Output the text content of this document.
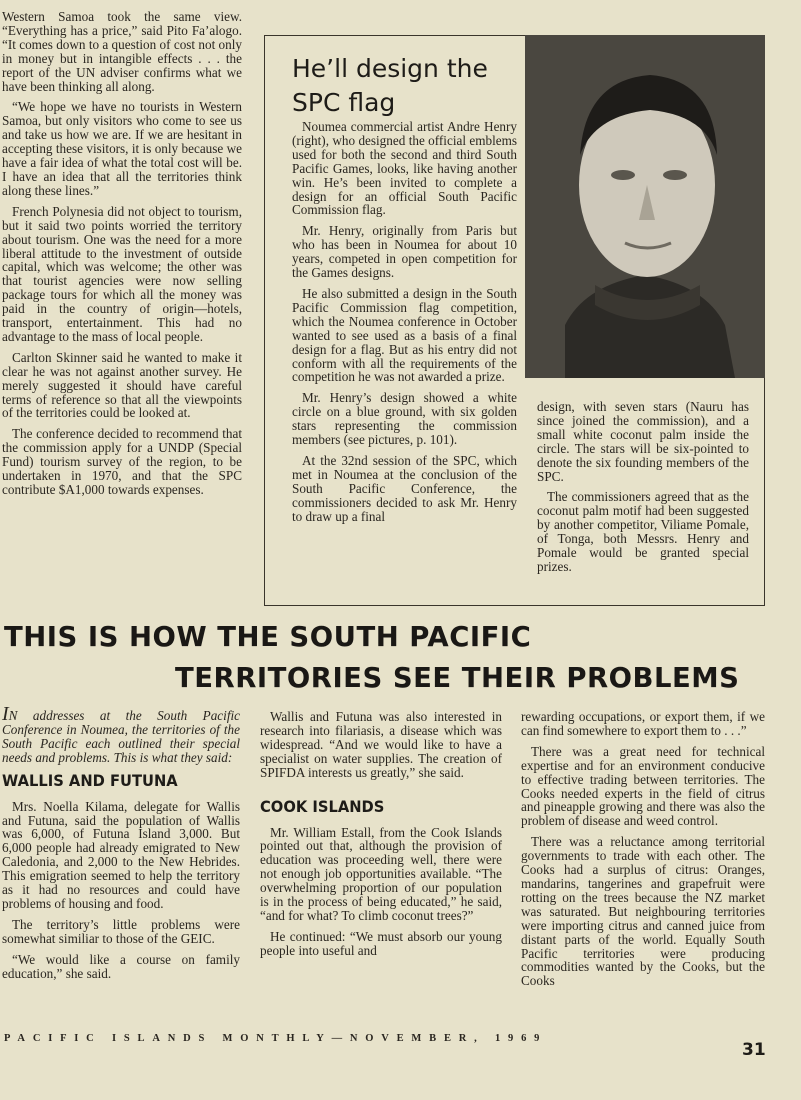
Western Samoa took the same view. “Everything has a price,” said Pito Fa’alogo. “It comes down to a question of cost not only in money but in intangible effects . . . the report of the UN adviser confirms what we have been thinking all along.

“We hope we have no tourists in Western Samoa, but only visitors who come to see us and take us how we are. If we are hesitant in accepting these visitors, it is only because we have a fair idea of what the total cost will be. I have an idea that all the territories think along these lines.”

French Polynesia did not object to tourism, but it said two points worried the territory about tourism. One was the need for a more liberal attitude to the investment of outside capital, which was welcome; the other was that tourist agencies were now selling package tours for which all the money was paid in the country of origin—hotels, transport, entertainment. This had no advantage to the mass of local people.

Carlton Skinner said he wanted to make it clear he was not against another survey. He merely suggested it should have careful terms of reference so that all the viewpoints of the territories could be looked at.

The conference decided to recommend that the commission apply for a UNDP (Special Fund) tourism survey of the region, to be undertaken in 1970, and that the SPC contribute $A1,000 towards expenses.

He’ll design the SPC flag

Noumea commercial artist Andre Henry (right), who designed the official emblems used for both the second and third South Pacific Games, looks, like having another win. He’s been invited to complete a design for an official South Pacific Commission flag.

Mr. Henry, originally from Paris but who has been in Noumea for about 10 years, competed in open competition for the Games designs.

He also submitted a design in the South Pacific Commission flag competition, which the Noumea conference in October wanted to see used as a basis of a final design for a flag. But as his entry did not conform with all the requirements of the competition he was not awarded a prize.

Mr. Henry’s design showed a white circle on a blue ground, with six golden stars representing the commission members (see pictures, p. 101).

At the 32nd session of the SPC, which met in Noumea at the conclusion of the South Pacific Conference, the commissioners decided to ask Mr. Henry to draw up a final

design, with seven stars (Nauru has since joined the commission), and a small white coconut palm inside the circle. The stars will be six-pointed to denote the six founding members of the SPC.

The commissioners agreed that as the coconut palm motif had been suggested by another competitor, Viliame Pomale, of Tonga, both Messrs. Henry and Pomale would be granted special prizes.

THIS IS HOW THE SOUTH PACIFIC
TERRITORIES SEE THEIR PROBLEMS

IN addresses at the South Pacific Conference in Noumea, the territories of the South Pacific each outlined their special needs and problems. This is what they said:

WALLIS AND FUTUNA

Mrs. Noella Kilama, delegate for Wallis and Futuna, said the population of Wallis was 6,000, of Futuna Island 3,000. But 6,000 people had already emigrated to New Caledonia, and 2,000 to the New Hebrides. This emigration seemed to help the territory as it had no resources and could have problems of housing and food.

The territory’s little problems were somewhat similiar to those of the GEIC.

“We would like a course on family education,” she said.

Wallis and Futuna was also interested in research into filariasis, a disease which was widespread. “And we would like to have a specialist on water supplies. The creation of SPIFDA interests us greatly,” she said.

COOK ISLANDS

Mr. William Estall, from the Cook Islands pointed out that, although the provision of education was proceeding well, there were not enough job opportunities available. “The overwhelming proportion of our population is in the process of being educated,” he said, “and for what? To climb coconut trees?”

He continued: “We must absorb our young people into useful and

rewarding occupations, or export them, if we can find somewhere to export them to . . .”

There was a great need for technical expertise and for an environment conducive to effective trading between territories. The Cooks needed experts in the field of citrus and pineapple growing and there was also the problem of disease and weed control.

There was a reluctance among territorial governments to trade with each other. The Cooks had a surplus of citrus: Oranges, mandarins, tangerines and grapefruit were rotting on the trees because the NZ market was saturated. But neighbouring territories were importing citrus and canned juice from distant parts of the world. Equally South Pacific territories were producing commodities wanted by the Cooks, but the Cooks

PACIFIC ISLANDS MONTHLY—NOVEMBER, 1969
31
